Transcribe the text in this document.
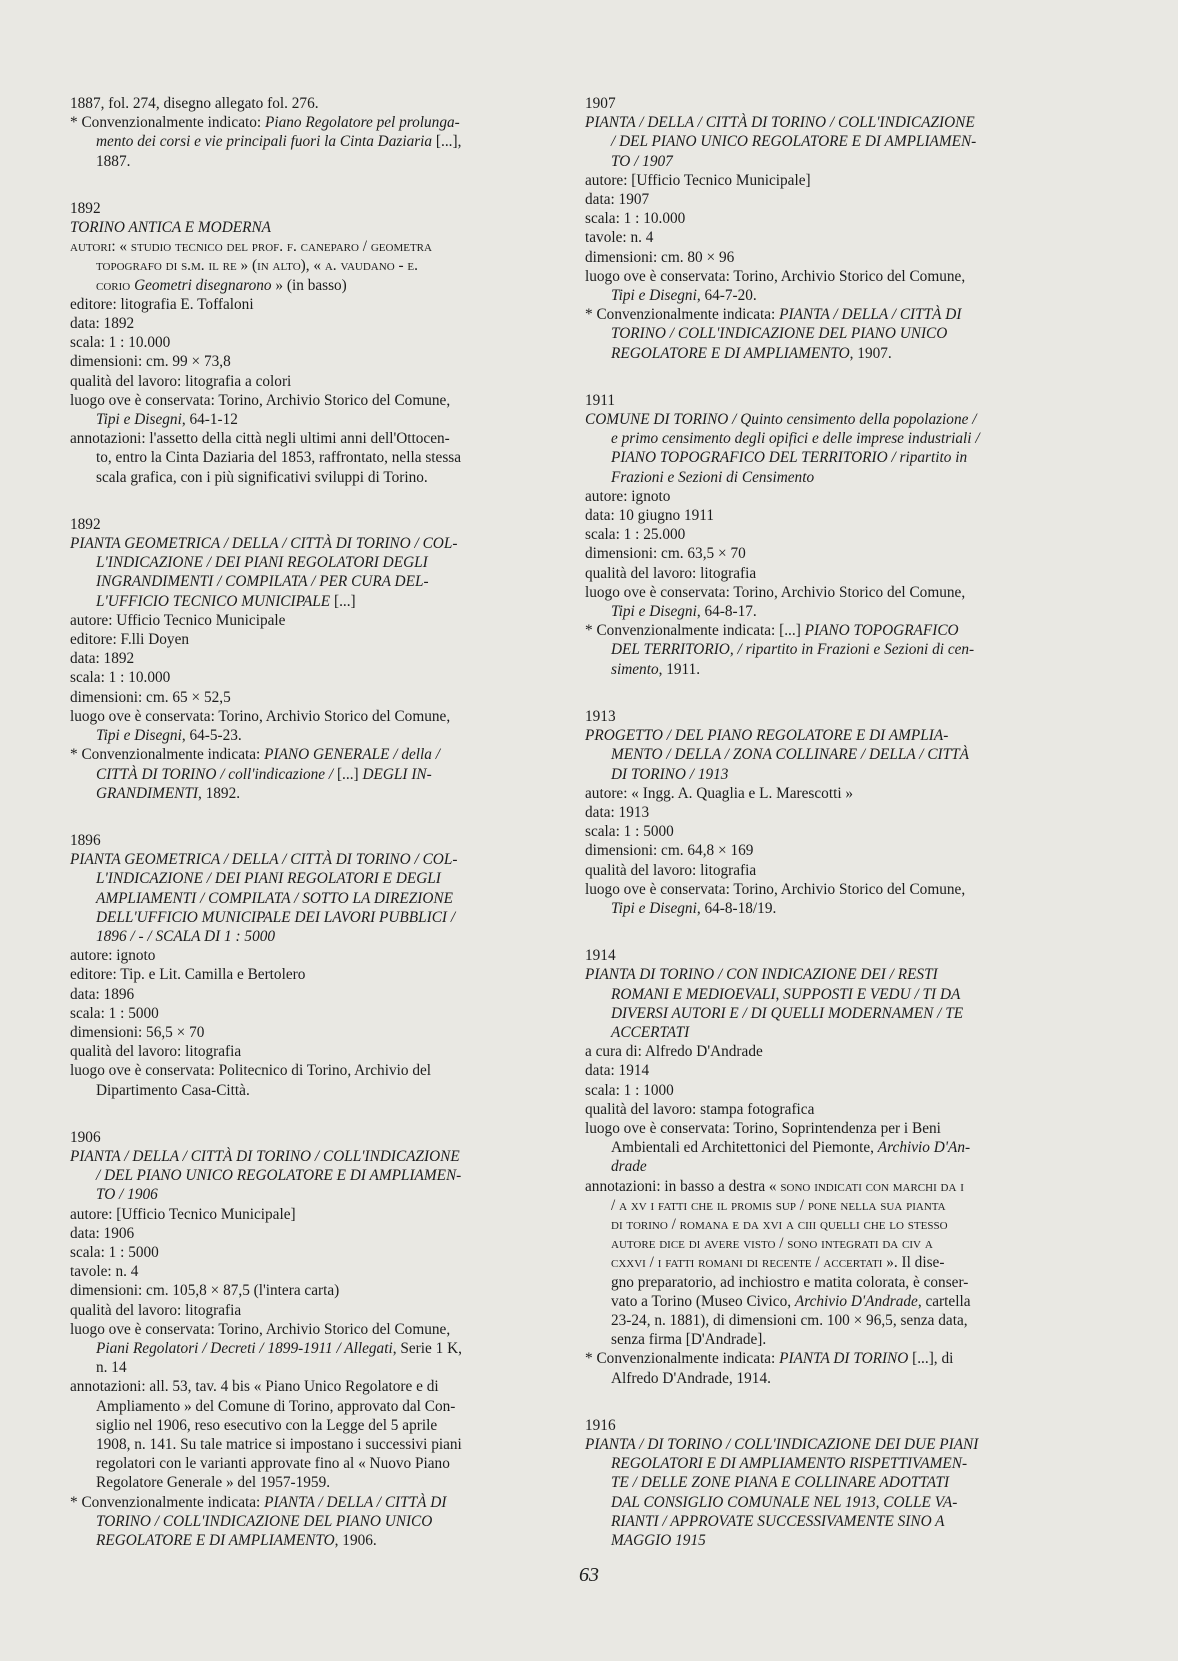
1887, fol. 274, disegno allegato fol. 276.
* Convenzionalmente indicato: Piano Regolatore pel prolunga-
mento dei corsi e vie principali fuori la Cinta Daziaria [...],
1887.
1892
TORINO ANTICA E MODERNA
autori: « studio tecnico del prof. f. caneparo / geometra
topografo di s.m. il re » (in alto), « a. vaudano - e.
corio Geometri disegnarono » (in basso)
editore: litografia E. Toffaloni
data: 1892
scala: 1 : 10.000
dimensioni: cm. 99 × 73,8
qualità del lavoro: litografia a colori
luogo ove è conservata: Torino, Archivio Storico del Comune,
Tipi e Disegni, 64-1-12
annotazioni: l'assetto della città negli ultimi anni dell'Ottocen-
to, entro la Cinta Daziaria del 1853, raffrontato, nella stessa
scala grafica, con i più significativi sviluppi di Torino.
1892
PIANTA GEOMETRICA / DELLA / CITTÀ DI TORINO / COL-
L'INDICAZIONE / DEI PIANI REGOLATORI DEGLI
INGRANDIMENTI / COMPILATA / PER CURA DEL-
L'UFFICIO TECNICO MUNICIPALE [...]
autore: Ufficio Tecnico Municipale
editore: F.lli Doyen
data: 1892
scala: 1 : 10.000
dimensioni: cm. 65 × 52,5
luogo ove è conservata: Torino, Archivio Storico del Comune,
Tipi e Disegni, 64-5-23.
* Convenzionalmente indicata: PIANO GENERALE / della /
CITTÀ DI TORINO / coll'indicazione / [...] DEGLI IN-
GRANDIMENTI, 1892.
1896
PIANTA GEOMETRICA / DELLA / CITTÀ DI TORINO / COL-
L'INDICAZIONE / DEI PIANI REGOLATORI E DEGLI
AMPLIAMENTI / COMPILATA / SOTTO LA DIREZIONE
DELL'UFFICIO MUNICIPALE DEI LAVORI PUBBLICI /
1896 / - / SCALA DI 1 : 5000
autore: ignoto
editore: Tip. e Lit. Camilla e Bertolero
data: 1896
scala: 1 : 5000
dimensioni: 56,5 × 70
qualità del lavoro: litografia
luogo ove è conservata: Politecnico di Torino, Archivio del
Dipartimento Casa-Città.
1906
PIANTA / DELLA / CITTÀ DI TORINO / COLL'INDICAZIONE
/ DEL PIANO UNICO REGOLATORE E DI AMPLIAMEN-
TO / 1906
autore: [Ufficio Tecnico Municipale]
data: 1906
scala: 1 : 5000
tavole: n. 4
dimensioni: cm. 105,8 × 87,5 (l'intera carta)
qualità del lavoro: litografia
luogo ove è conservata: Torino, Archivio Storico del Comune,
Piani Regolatori / Decreti / 1899-1911 / Allegati, Serie 1 K,
n. 14
annotazioni: all. 53, tav. 4 bis « Piano Unico Regolatore e di
Ampliamento » del Comune di Torino, approvato dal Con-
siglio nel 1906, reso esecutivo con la Legge del 5 aprile
1908, n. 141. Su tale matrice si impostano i successivi piani
regolatori con le varianti approvate fino al « Nuovo Piano
Regolatore Generale » del 1957-1959.
* Convenzionalmente indicata: PIANTA / DELLA / CITTÀ DI
TORINO / COLL'INDICAZIONE DEL PIANO UNICO
REGOLATORE E DI AMPLIAMENTO, 1906.
1907
PIANTA / DELLA / CITTÀ DI TORINO / COLL'INDICAZIONE
/ DEL PIANO UNICO REGOLATORE E DI AMPLIAMEN-
TO / 1907
autore: [Ufficio Tecnico Municipale]
data: 1907
scala: 1 : 10.000
tavole: n. 4
dimensioni: cm. 80 × 96
luogo ove è conservata: Torino, Archivio Storico del Comune,
Tipi e Disegni, 64-7-20.
* Convenzionalmente indicata: PIANTA / DELLA / CITTÀ DI
TORINO / COLL'INDICAZIONE DEL PIANO UNICO
REGOLATORE E DI AMPLIAMENTO, 1907.
1911
COMUNE DI TORINO / Quinto censimento della popolazione /
e primo censimento degli opifici e delle imprese industriali /
PIANO TOPOGRAFICO DEL TERRITORIO / ripartito in
Frazioni e Sezioni di Censimento
autore: ignoto
data: 10 giugno 1911
scala: 1 : 25.000
dimensioni: cm. 63,5 × 70
qualità del lavoro: litografia
luogo ove è conservata: Torino, Archivio Storico del Comune,
Tipi e Disegni, 64-8-17.
* Convenzionalmente indicata: [...] PIANO TOPOGRAFICO
DEL TERRITORIO, / ripartito in Frazioni e Sezioni di cen-
simento, 1911.
1913
PROGETTO / DEL PIANO REGOLATORE E DI AMPLIA-
MENTO / DELLA / ZONA COLLINARE / DELLA / CITTÀ
DI TORINO / 1913
autore: « Ingg. A. Quaglia e L. Marescotti »
data: 1913
scala: 1 : 5000
dimensioni: cm. 64,8 × 169
qualità del lavoro: litografia
luogo ove è conservata: Torino, Archivio Storico del Comune,
Tipi e Disegni, 64-8-18/19.
1914
PIANTA DI TORINO / CON INDICAZIONE DEI / RESTI
ROMANI E MEDIOEVALI, SUPPOSTI E VEDU / TI DA
DIVERSI AUTORI E / DI QUELLI MODERNAMEN / TE
ACCERTATI
a cura di: Alfredo D'Andrade
data: 1914
scala: 1 : 1000
qualità del lavoro: stampa fotografica
luogo ove è conservata: Torino, Soprintendenza per i Beni
Ambientali ed Architettonici del Piemonte, Archivio D'An-
drade
annotazioni: in basso a destra « sono indicati con marchi da i
/ a xv i fatti che il promis sup / pone nella sua pianta
di torino / romana e da xvi a ciii quelli che lo stesso
autore dice di avere visto / sono integrati da civ a
cxxvi / i fatti romani di recente / accertati ». Il dise-
gno preparatorio, ad inchiostro e matita colorata, è conser-
vato a Torino (Museo Civico, Archivio D'Andrade, cartella
23-24, n. 1881), di dimensioni cm. 100 × 96,5, senza data,
senza firma [D'Andrade].
* Convenzionalmente indicata: PIANTA DI TORINO [...], di
Alfredo D'Andrade, 1914.
1916
PIANTA / DI TORINO / COLL'INDICAZIONE DEI DUE PIANI
REGOLATORI E DI AMPLIAMENTO RISPETTIVAMEN-
TE / DELLE ZONE PIANA E COLLINARE ADOTTATI
DAL CONSIGLIO COMUNALE NEL 1913, COLLE VA-
RIANTI / APPROVATE SUCCESSIVAMENTE SINO A
MAGGIO 1915
63
